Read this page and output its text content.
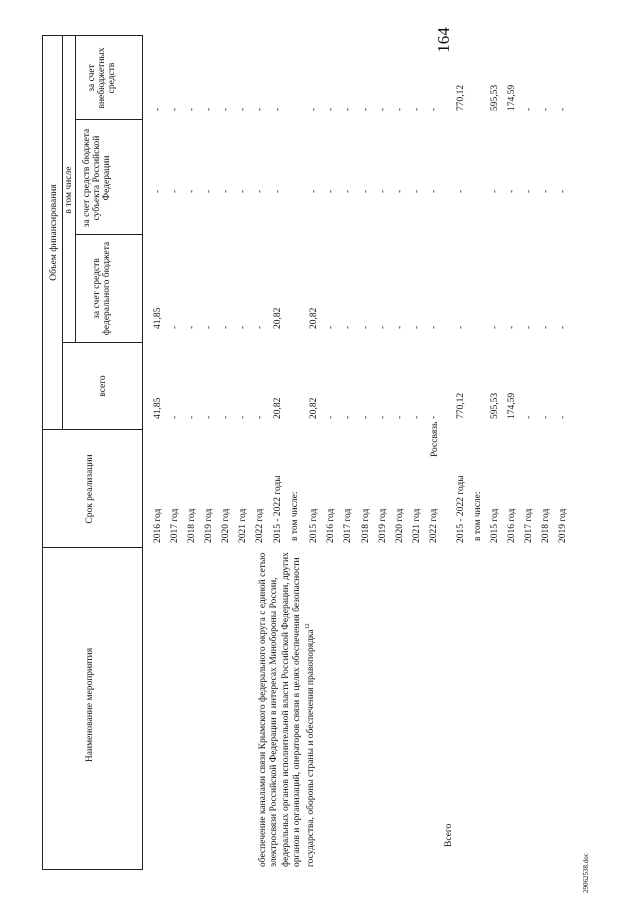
164
Наименование мероприятия
Срок реализации
Объем финансирования
всего
в том числе
за счет средств федерального бюджета
за счет средств бюджета субъекта Российской Федерации
за счет внебюджетных средств
обеспечение каналами связи Крымского федерального округа с единой сетью электросвязи Российской Федерации в интересах Минобороны России, федеральных органов исполнительной власти Российской Федерации, других органов и организаций, операторов связи в целях обеспечения безопасности государства, обороны страны и обеспечения правопорядка$^{12}$
Россвязь
Всего
2016 год
41,85
41,85
-
-
2017 год
-
-
-
-
2018 год
-
-
-
-
2019 год
-
-
-
-
2020 год
-
-
-
-
2021 год
-
-
-
-
2022 год
-
-
-
-
2015 - 2022 годы
20,82
20,82
-
-
в том числе: 2015 год
20,82
20,82
-
-
2016 год
-
-
-
-
2017 год
-
-
-
-
2018 год
-
-
-
-
2019 год
-
-
-
-
2020 год
-
-
-
-
2021 год
-
-
-
-
2022 год
-
-
-
-
2015 - 2022 годы
770,12
-
-
770,12
в том числе: 2015 год
595,53
-
-
595,53
2016 год
174,59
-
-
174,59
2017 год
-
-
-
-
2018 год
-
-
-
-
2019 год
-
-
-
-
29062538.doc
